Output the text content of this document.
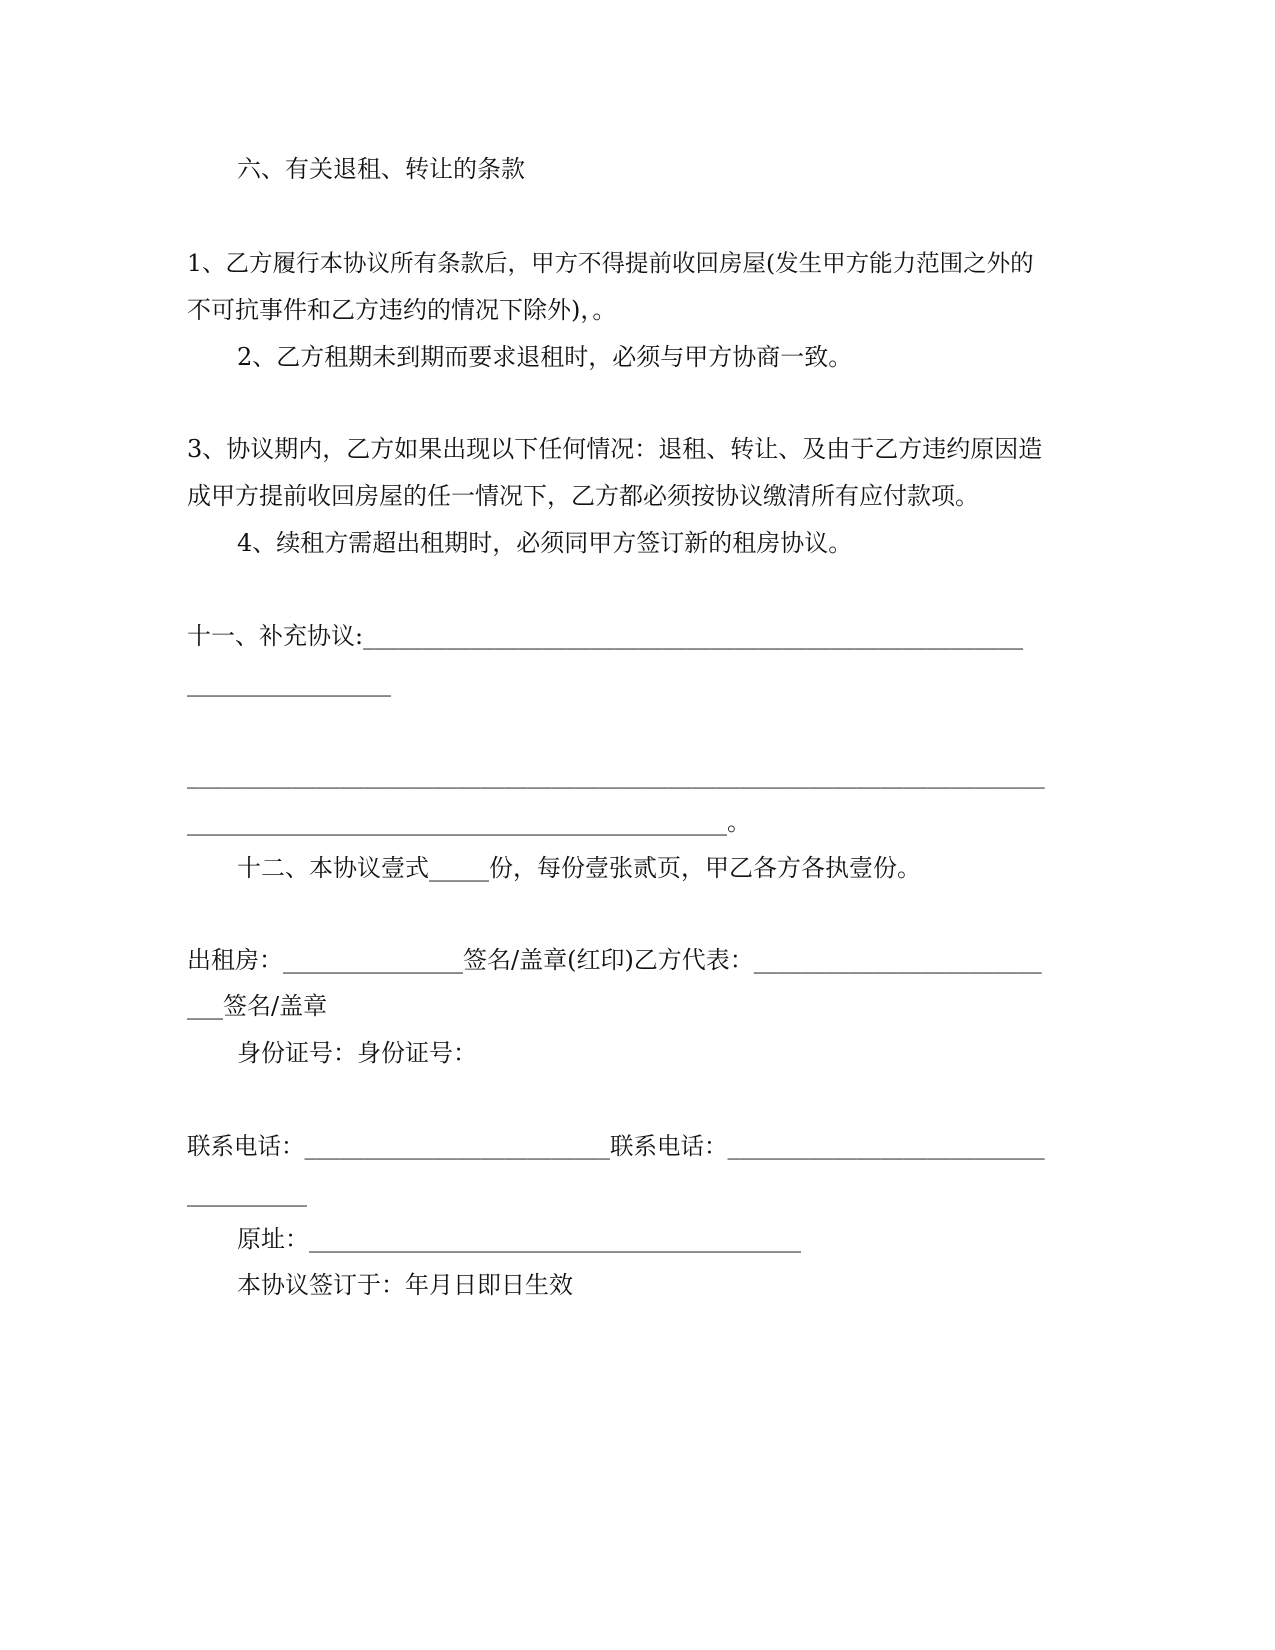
六、有关退租、转让的条款

1、乙方履行本协议所有条款后，甲方不得提前收回房屋(发生甲方能力范围之外的

不可抗事件和乙方违约的情况下除外)，。

2、乙方租期未到期而要求退租时，必须与甲方协商一致。

3、协议期内，乙方如果出现以下任何情况：退租、转让、及由于乙方违约原因造

成甲方提前收回房屋的任一情况下，乙方都必须按协议缴清所有应付款项。

4、续租方需超出租期时，必须同甲方签订新的租房协议。

十一、补充协议:_______________________________________________________

_________________

_________________________________________________________________________

_____________________________________________。

十二、本协议壹式_____份，每份壹张贰页，甲乙各方各执壹份。

出租房：_______________签名/盖章(红印)乙方代表：________________________

___签名/盖章

身份证号：身份证号：

联系电话：__________________________联系电话：___________________________

__________

原址：_________________________________________

本协议签订于：年月日即日生效
